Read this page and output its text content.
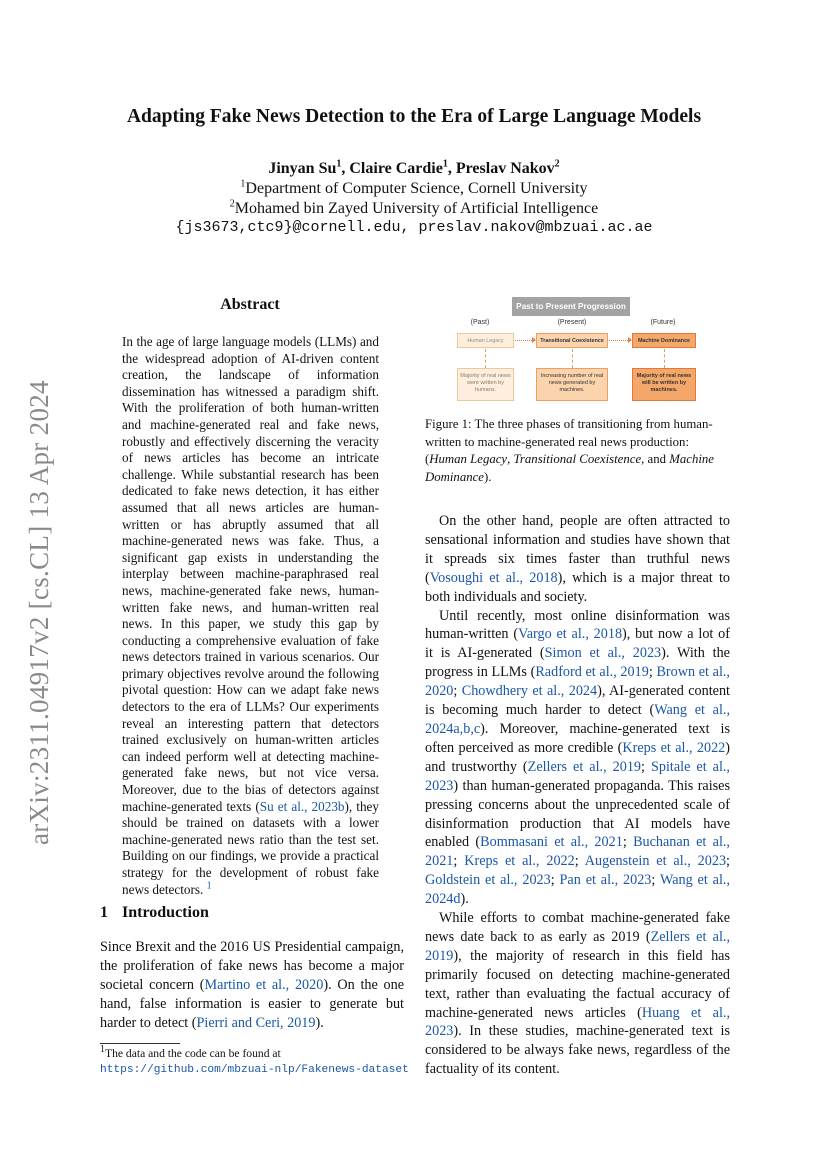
arXiv:2311.04917v2 [cs.CL] 13 Apr 2024
Adapting Fake News Detection to the Era of Large Language Models
Jinyan Su$^1$, Claire Cardie$^1$, Preslav Nakov$^2$
$^1$Department of Computer Science, Cornell University
$^2$Mohamed bin Zayed University of Artificial Intelligence
{js3673,ctc9}@cornell.edu, preslav.nakov@mbzuai.ac.ae
Abstract
In the age of large language models (LLMs) and the widespread adoption of AI-driven content creation, the landscape of information dissemination has witnessed a paradigm shift. With the proliferation of both human-written and machine-generated real and fake news, robustly and effectively discerning the veracity of news articles has become an intricate challenge. While substantial research has been dedicated to fake news detection, it has either assumed that all news articles are human-written or has abruptly assumed that all machine-generated news was fake. Thus, a significant gap exists in understanding the interplay between machine-paraphrased real news, machine-generated fake news, human-written fake news, and human-written real news. In this paper, we study this gap by conducting a comprehensive evaluation of fake news detectors trained in various scenarios. Our primary objectives revolve around the following pivotal question: How can we adapt fake news detectors to the era of LLMs? Our experiments reveal an interesting pattern that detectors trained exclusively on human-written articles can indeed perform well at detecting machine-generated fake news, but not vice versa. Moreover, due to the bias of detectors against machine-generated texts (Su et al., 2023b), they should be trained on datasets with a lower machine-generated news ratio than the test set. Building on our findings, we provide a practical strategy for the development of robust fake news detectors. $^1$
1 Introduction
Since Brexit and the 2016 US Presidential campaign, the proliferation of fake news has become a major societal concern (Martino et al., 2020). On the one hand, false information is easier to generate but harder to detect (Pierri and Ceri, 2019).
$^1$The data and the code can be found at https://github.com/mbzuai-nlp/Fakenews-dataset
Past to Present Progression
(Past)	(Present)	(Future)
Human Legacy	Transitional Coexistence	Machine Dominance
Majority of real news were written by humans.
Increasing number of real news generated by machines.
Majority of real news will be written by machines.
Figure 1: The three phases of transitioning from human-written to machine-generated real news production: (Human Legacy, Transitional Coexistence, and Machine Dominance).

On the other hand, people are often attracted to sensational information and studies have shown that it spreads six times faster than truthful news (Vosoughi et al., 2018), which is a major threat to both individuals and society.

Until recently, most online disinformation was human-written (Vargo et al., 2018), but now a lot of it is AI-generated (Simon et al., 2023). With the progress in LLMs (Radford et al., 2019; Brown et al., 2020; Chowdhery et al., 2024), AI-generated content is becoming much harder to detect (Wang et al., 2024a,b,c). Moreover, machine-generated text is often perceived as more credible (Kreps et al., 2022) and trustworthy (Zellers et al., 2019; Spitale et al., 2023) than human-generated propaganda. This raises pressing concerns about the unprecedented scale of disinformation production that AI models have enabled (Bommasani et al., 2021; Buchanan et al., 2021; Kreps et al., 2022; Augenstein et al., 2023; Goldstein et al., 2023; Pan et al., 2023; Wang et al., 2024d).

While efforts to combat machine-generated fake news date back to as early as 2019 (Zellers et al., 2019), the majority of research in this field has primarily focused on detecting machine-generated text, rather than evaluating the factual accuracy of machine-generated news articles (Huang et al., 2023). In these studies, machine-generated text is considered to be always fake news, regardless of the factuality of its content.
